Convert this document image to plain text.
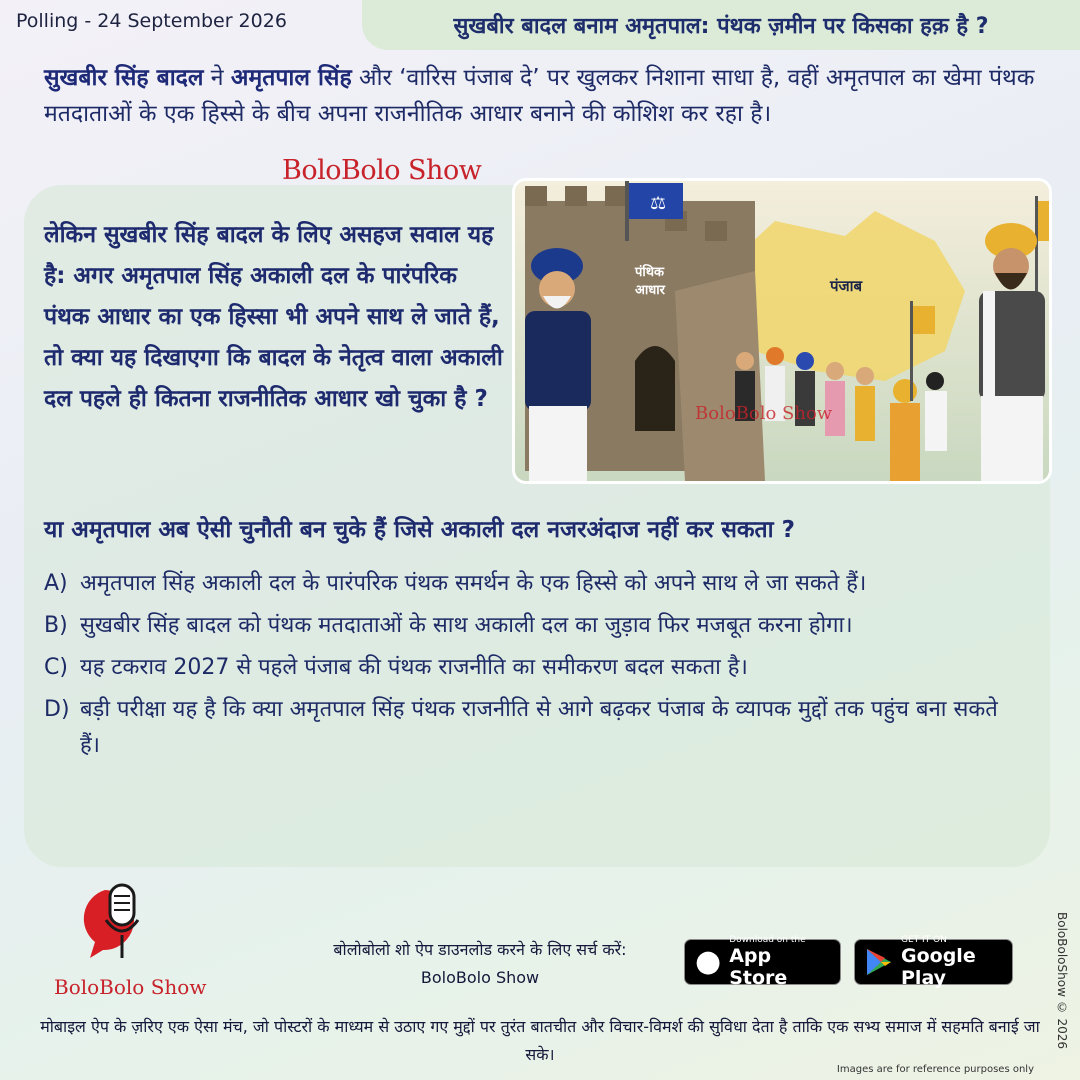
Polling - 24 September 2026	सुखबीर बादल बनाम अमृतपाल: पंथक ज़मीन पर किसका हक़ है ?
सुखबीर सिंह बादल ने अमृतपाल सिंह और ‘वारिस पंजाब दे’ पर खुलकर निशाना साधा है, वहीं अमृतपाल का खेमा पंथक मतदाताओं के एक हिस्से के बीच अपना राजनीतिक आधार बनाने की कोशिश कर रहा है।
BoloBolo Show
लेकिन सुखबीर सिंह बादल के लिए असहज सवाल यह है: अगर अमृतपाल सिंह अकाली दल के पारंपरिक पंथक आधार का एक हिस्सा भी अपने साथ ले जाते हैं, तो क्या यह दिखाएगा कि बादल के नेतृत्व वाला अकाली दल पहले ही कितना राजनीतिक आधार खो चुका है ?
पंजाब
⚖
पंथिक
आधार
BoloBolo Show
या अमृतपाल अब ऐसी चुनौती बन चुके हैं जिसे अकाली दल नजरअंदाज नहीं कर सकता ?
A) अमृतपाल सिंह अकाली दल के पारंपरिक पंथक समर्थन के एक हिस्से को अपने साथ ले जा सकते हैं।
B) सुखबीर सिंह बादल को पंथक मतदाताओं के साथ अकाली दल का जुड़ाव फिर मजबूत करना होगा।
C) यह टकराव 2027 से पहले पंजाब की पंथक राजनीति का समीकरण बदल सकता है।
D) बड़ी परीक्षा यह है कि क्या अमृतपाल सिंह पंथक राजनीति से आगे बढ़कर पंजाब के व्यापक मुद्दों तक पहुंच बना सकते हैं।
BoloBolo Show
बोलोबोलो शो ऐप डाउनलोड करने के लिए सर्च करें:
BoloBolo Show	●
Download on the
App Store
GET IT ON
Google Play
मोबाइल ऐप के ज़रिए एक ऐसा मंच, जो पोस्टरों के माध्यम से उठाए गए मुद्दों पर तुरंत बातचीत और विचार-विमर्श की सुविधा देता है ताकि एक सभ्य समाज में सहमति बनाई जा सके।
Images are for reference purposes only
BoloBoloShow © 2026
